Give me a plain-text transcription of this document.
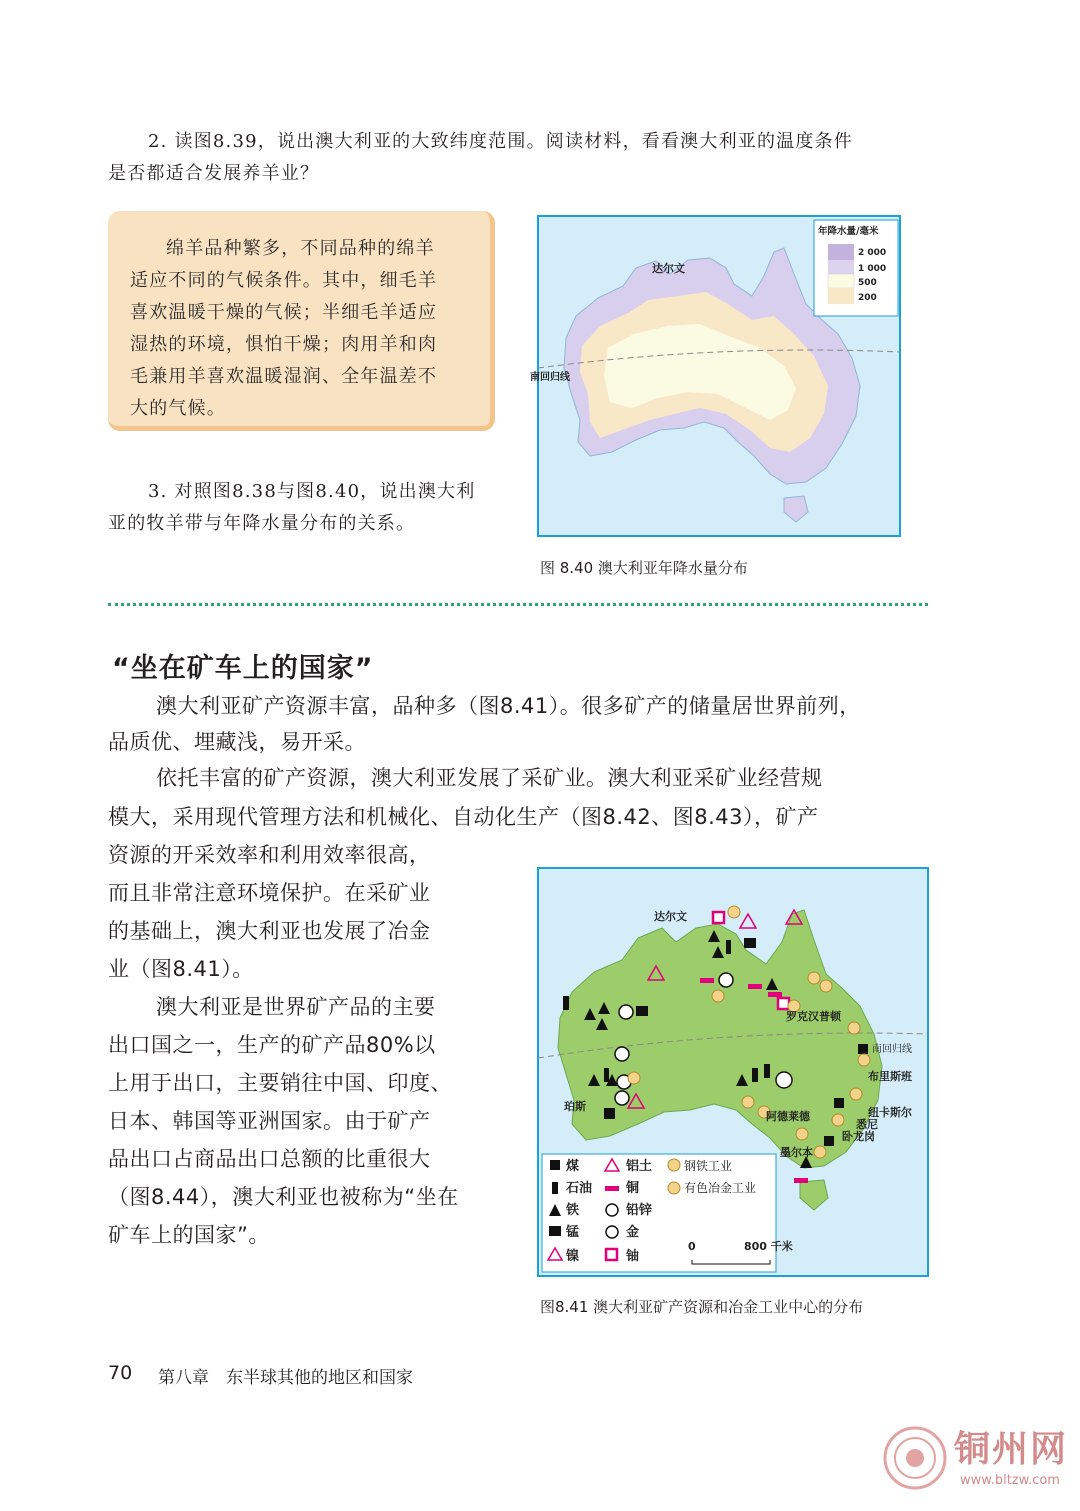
2. 读图8.39，说出澳大利亚的大致纬度范围。阅读材料，看看澳大利亚的温度条件
是否都适合发展养羊业？
绵羊品种繁多，不同品种的绵羊
适应不同的气候条件。其中，细毛羊
喜欢温暖干燥的气候；半细毛羊适应
湿热的环境，惧怕干燥；肉用羊和肉
毛兼用羊喜欢温暖湿润、全年温差不
大的气候。
3. 对照图8.38与图8.40，说出澳大利
亚的牧羊带与年降水量分布的关系。
达尔文
南回归线
年降水量/毫米
2 000
1 000
500
200
图 8.40 澳大利亚年降水量分布
“坐在矿车上的国家”
澳大利亚矿产资源丰富，品种多（图8.41）。很多矿产的储量居世界前列，
品质优、埋藏浅，易开采。
依托丰富的矿产资源，澳大利亚发展了采矿业。澳大利亚采矿业经营规
模大，采用现代管理方法和机械化、自动化生产（图8.42、图8.43），矿产
资源的开采效率和利用效率很高，
而且非常注意环境保护。在采矿业
的基础上，澳大利亚也发展了冶金
业（图8.41）。
澳大利亚是世界矿产品的主要
出口国之一，生产的矿产品80%以
上用于出口，主要销往中国、印度、
日本、韩国等亚洲国家。由于矿产
品出口占商品出口总额的比重很大
（图8.44），澳大利亚也被称为“坐在
矿车上的国家”。
达尔文
罗克汉普顿
南回归线
布里斯班
珀斯
阿德莱德	纽卡斯尔
悉尼
卧龙岗
墨尔本
煤
石油
铁
锰
镍
铝土
铜
铅锌
金
铀
钢铁工业
有色冶金工业
0	800 千米
图8.41 澳大利亚矿产资源和冶金工业中心的分布
70 第八章 东半球其他的地区和国家
铜州网
www.bltzw.com
